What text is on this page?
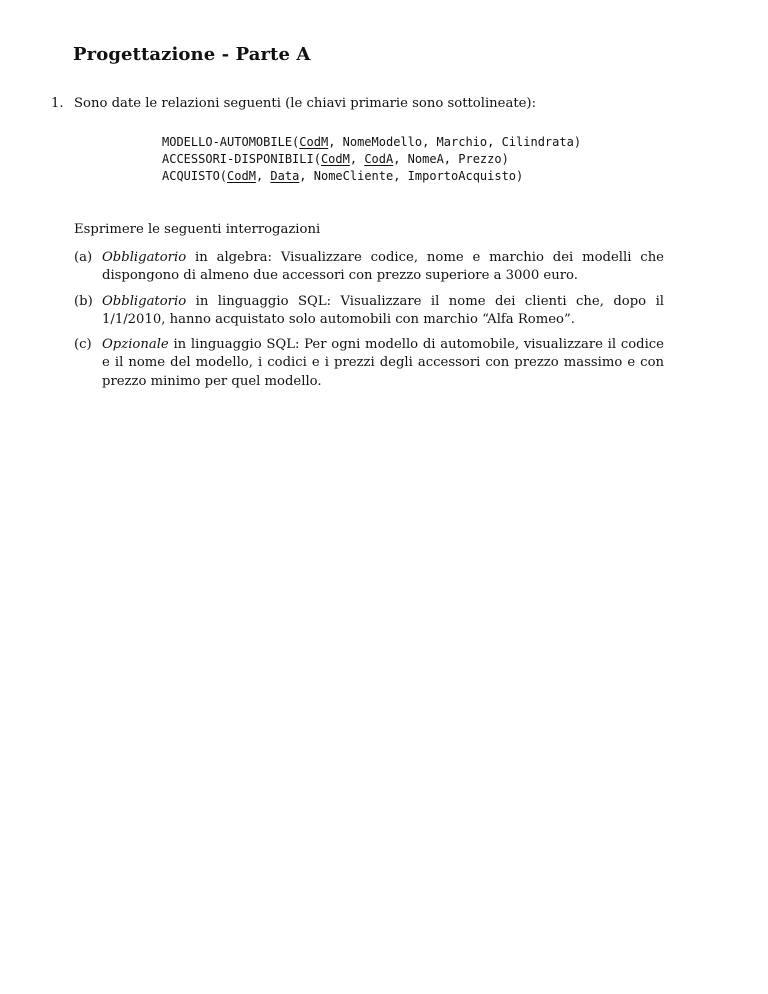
Progettazione - Parte A
1. Sono date le relazioni seguenti (le chiavi primarie sono sottolineate):
MODELLO-AUTOMOBILE(CodM, NomeModello, Marchio, Cilindrata)
ACCESSORI-DISPONIBILI(CodM, CodA, NomeA, Prezzo)
ACQUISTO(CodM, Data, NomeCliente, ImportoAcquisto)
Esprimere le seguenti interrogazioni
(a) Obbligatorio in algebra: Visualizzare codice, nome e marchio dei modelli che dispongono di almeno due accessori con prezzo superiore a 3000 euro.
(b) Obbligatorio in linguaggio SQL: Visualizzare il nome dei clienti che, dopo il 1/1/2010, hanno acquistato solo automobili con marchio “Alfa Romeo”.
(c) Opzionale in linguaggio SQL: Per ogni modello di automobile, visualizzare il codice e il nome del modello, i codici e i prezzi degli accessori con prezzo massimo e con prezzo minimo per quel modello.
